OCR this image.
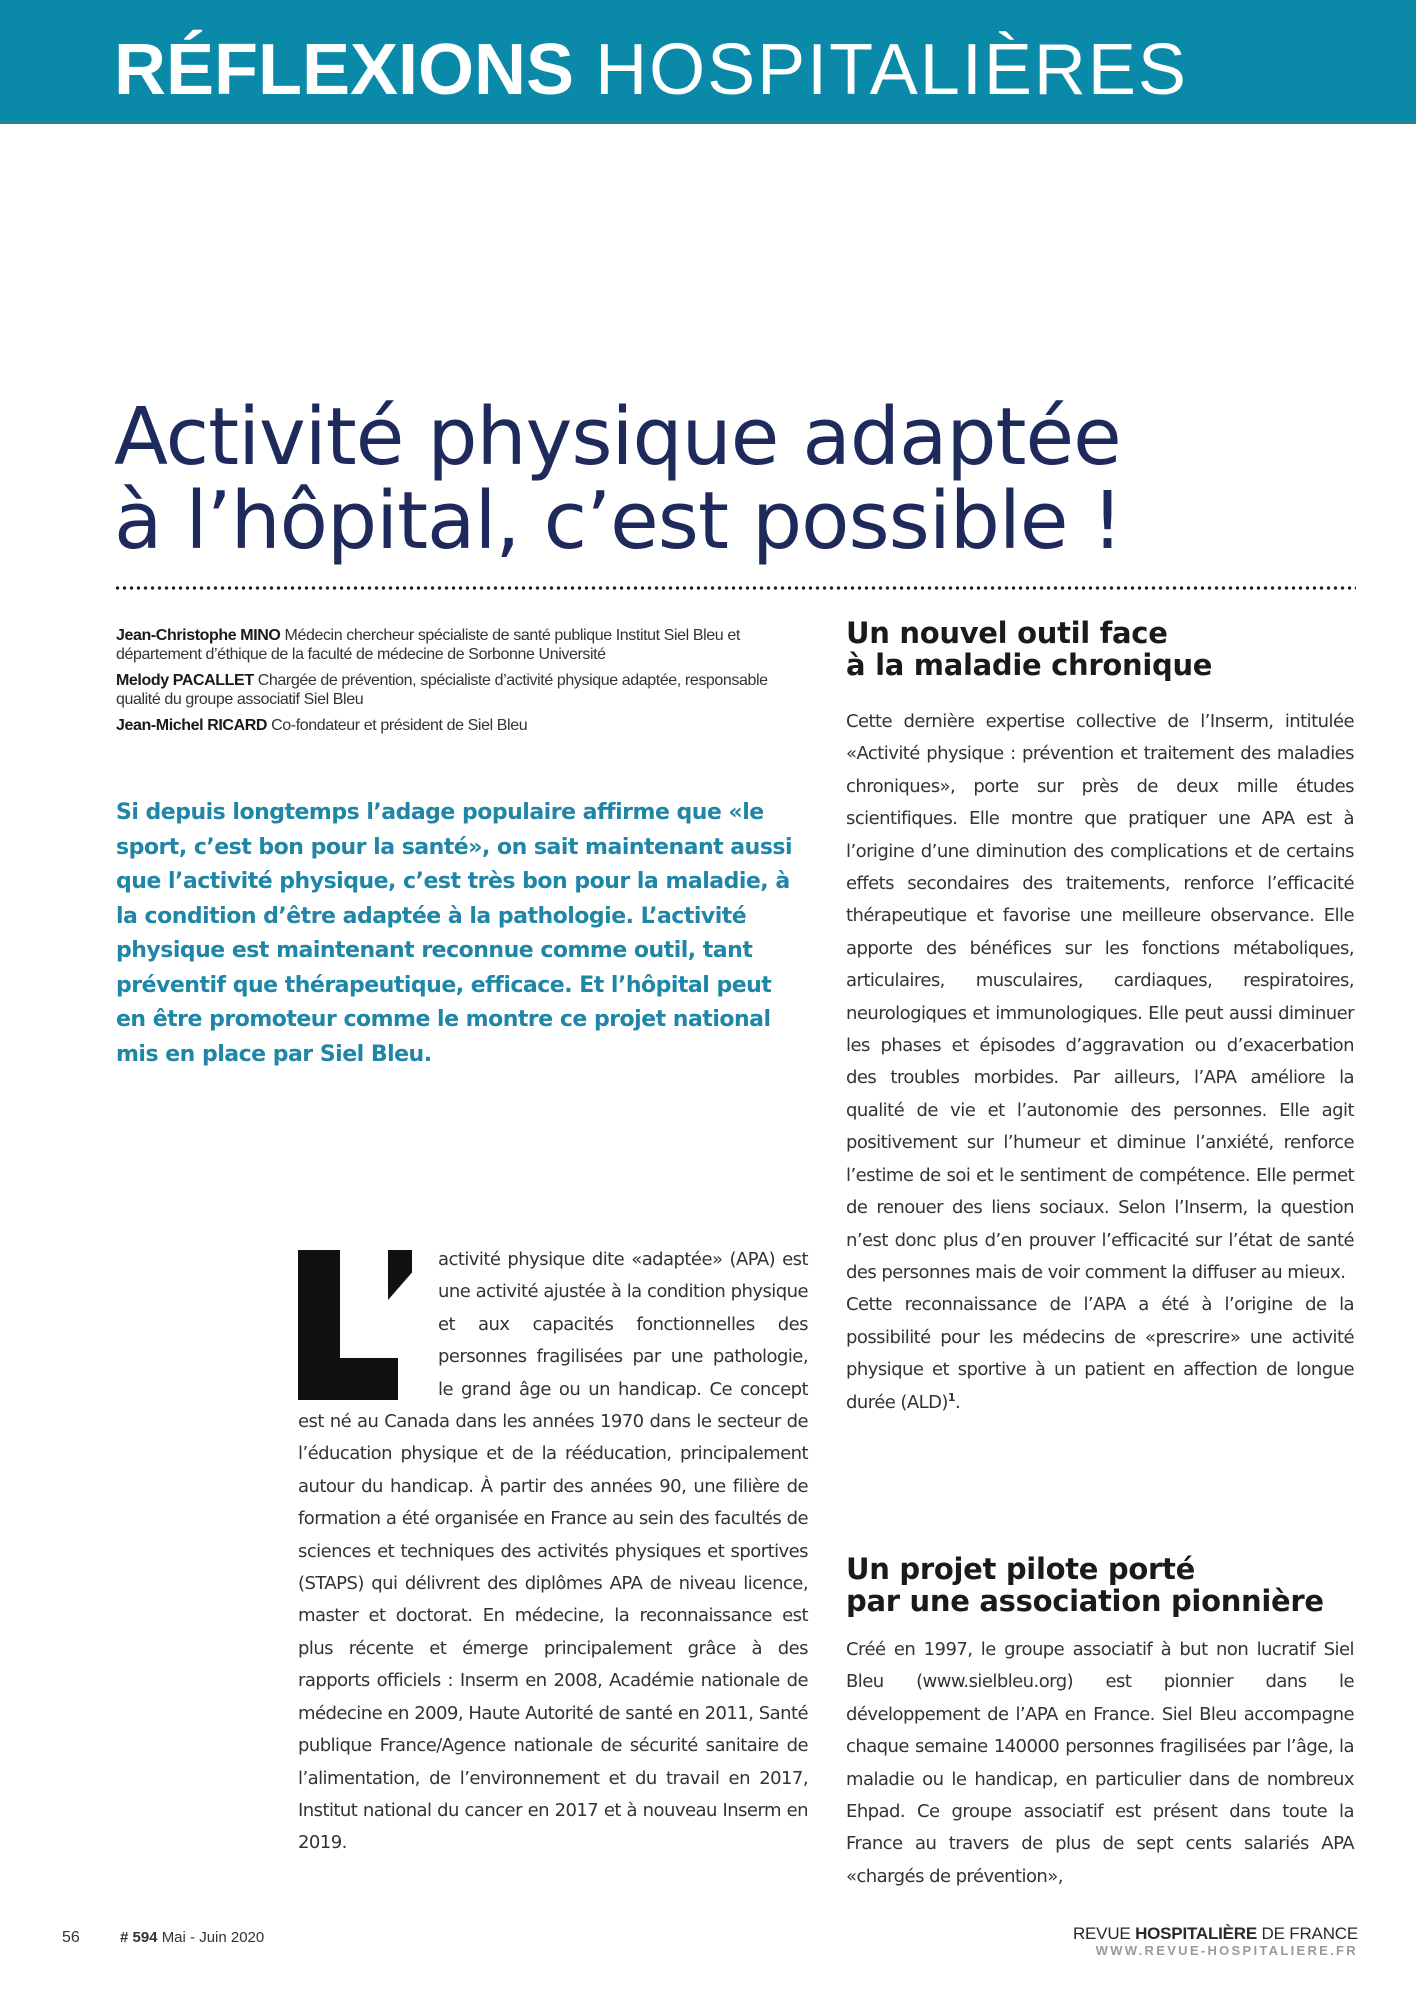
RÉFLEXIONS HOSPITALIÈRES
Activité physique adaptée
à l’hôpital, c’est possible !
Jean-Christophe MINO Médecin chercheur spécialiste de santé publique Institut Siel Bleu et département d’éthique de la faculté de médecine de Sorbonne Université
Melody PACALLET Chargée de prévention, spécialiste d’activité physique adaptée, responsable qualité du groupe associatif Siel Bleu
Jean-Michel RICARD Co-fondateur et président de Siel Bleu

Si depuis longtemps l’adage populaire affirme que «le sport, c’est bon pour la santé», on sait maintenant aussi que l’activité physique, c’est très bon pour la maladie, à la condition d’être adaptée à la pathologie. L’activité physique est maintenant reconnue comme outil, tant préventif que thérapeutique, efficace. Et l’hôpital peut en être promoteur comme le montre ce projet national mis en place par Siel Bleu.

activité physique dite «adaptée» (APA) est une activité ajustée à la condition physique et aux capacités fonctionnelles des personnes fragilisées par une pathologie, le grand âge ou un handicap. Ce concept est né au Canada dans les années 1970 dans le secteur de l’éducation physique et de la rééducation, principalement autour du handicap. À partir des années 90, une filière de formation a été organisée en France au sein des facultés de sciences et techniques des activités physiques et sportives (STAPS) qui délivrent des diplômes APA de niveau licence, master et doctorat. En médecine, la reconnaissance est plus récente et émerge principalement grâce à des rapports officiels : Inserm en 2008, Académie nationale de médecine en 2009, Haute Autorité de santé en 2011, Santé publique France/Agence nationale de sécurité sanitaire de l’alimentation, de l’environnement et du travail en 2017, Institut national du cancer en 2017 et à nouveau Inserm en 2019.

Un nouvel outil face
à la maladie chronique

Cette dernière expertise collective de l’Inserm, intitulée «Activité physique : prévention et traitement des maladies chroniques», porte sur près de deux mille études scientifiques. Elle montre que pratiquer une APA est à l’origine d’une diminution des complications et de certains effets secondaires des traitements, renforce l’efficacité thérapeutique et favorise une meilleure observance. Elle apporte des bénéfices sur les fonctions métaboliques, articulaires, musculaires, cardiaques, respiratoires, neurologiques et immunologiques. Elle peut aussi diminuer les phases et épisodes d’aggravation ou d’exacerbation des troubles morbides. Par ailleurs, l’APA améliore la qualité de vie et l’autonomie des personnes. Elle agit positivement sur l’humeur et diminue l’anxiété, renforce l’estime de soi et le sentiment de compétence. Elle permet de renouer des liens sociaux. Selon l’Inserm, la question n’est donc plus d’en prouver l’efficacité sur l’état de santé des personnes mais de voir comment la diffuser au mieux.

Cette reconnaissance de l’APA a été à l’origine de la possibilité pour les médecins de «prescrire» une activité physique et sportive à un patient en affection de longue durée (ALD)$^1$.

Un projet pilote porté
par une association pionnière

Créé en 1997, le groupe associatif à but non lucratif Siel Bleu (www.sielbleu.org) est pionnier dans le développement de l’APA en France. Siel Bleu accompagne chaque semaine 140000 personnes fragilisées par l’âge, la maladie ou le handicap, en particulier dans de nombreux Ehpad. Ce groupe associatif est présent dans toute la France au travers de plus de sept cents salariés APA «chargés de prévention»,

56	# 594 Mai - Juin 2020	REVUE HOSPITALIÈRE DE FRANCE
WWW.REVUE-HOSPITALIERE.FR
